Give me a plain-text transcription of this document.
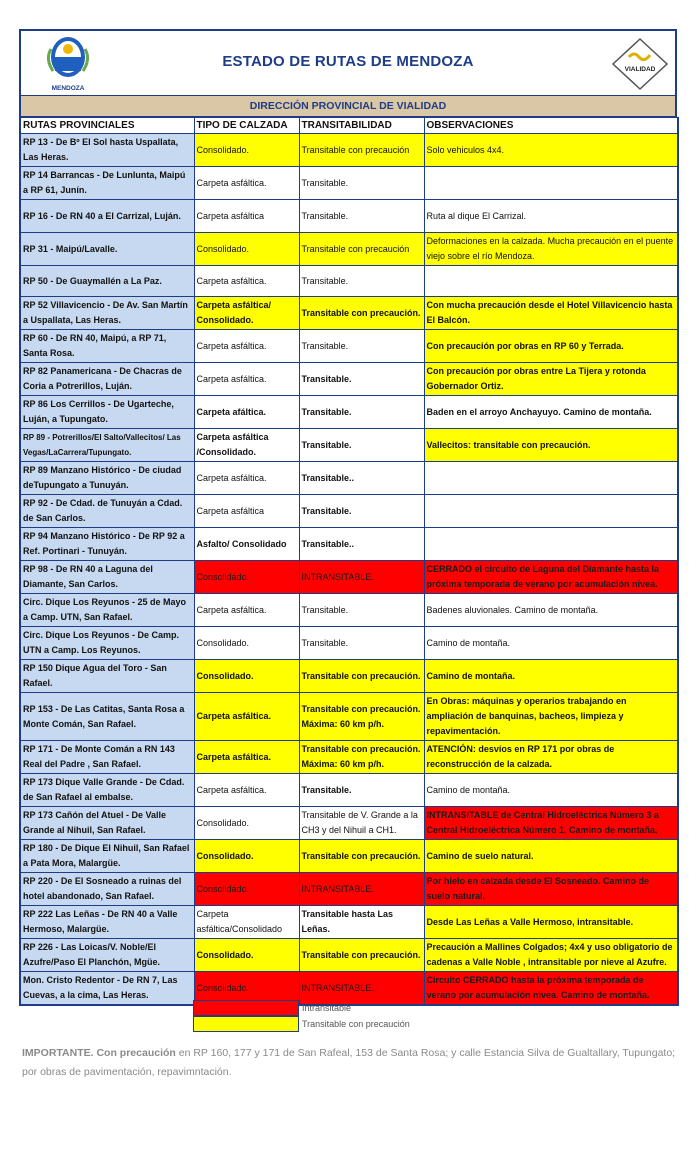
MENDOZA
ESTADO DE RUTAS DE MENDOZA	VIALIDAD
DIRECCIÓN PROVINCIAL DE VIALIDAD
RUTAS PROVINCIALES	TIPO DE CALZADA	TRANSITABILIDAD	OBSERVACIONES
RP 13 - De Bº El Sol hasta Uspallata, Las Heras.	Consolidado.	Transitable con precaución	Solo vehiculos 4x4.
RP 14 Barrancas - De Lunlunta, Maipú a RP 61, Junín.	Carpeta asfáltica.	Transitable.	
RP 16 - De RN 40 a El Carrizal, Luján.	Carpeta asfáltica	Transitable.	Ruta al dique El Carrizal.
RP 31 - Maipú/Lavalle.	Consolidado.	Transitable con precaución	Deformaciones en la calzada. Mucha precaución en el puente viejo sobre el río Mendoza.
RP 50 - De Guaymallén a La Paz.	Carpeta asfáltica.	Transitable.	
RP 52 Villavicencio - De Av. San Martín a Uspallata, Las Heras.	Carpeta asfáltica/ Consolidado.	Transitable con precaución.	Con mucha precaución desde el Hotel Villavicencio hasta El Balcón.
RP 60 - De RN 40, Maipú, a RP 71, Santa Rosa.	Carpeta asfáltica.	Transitable.	Con precaución por obras en RP 60 y Terrada.
RP 82 Panamericana - De Chacras de Coria a Potrerillos, Luján.	Carpeta asfáltica.	Transitable.	Con precaución por obras entre La Tijera y rotonda Gobernador Ortiz.
RP 86 Los Cerrillos - De Ugarteche, Luján, a Tupungato.	Carpeta afáltica.	Transitable.	Baden en el arroyo Anchayuyo. Camino de montaña.
RP 89 - Potrerillos/El Salto/Vallecitos/ Las Vegas/LaCarrera/Tupungato.	Carpeta asfáltica /Consolidado.	Transitable.	Vallecitos: transitable con precaución.
RP 89 Manzano Histórico - De ciudad deTupungato a Tunuyán.	Carpeta asfáltica.	Transitable..	
RP 92 - De Cdad. de Tunuyán a Cdad. de San Carlos.	Carpeta asfáltica	Transitable.	
RP 94 Manzano Histórico - De RP 92 a Ref. Portinari - Tunuyán.	Asfalto/ Consolidado	Transitable..	
RP 98 - De RN 40 a Laguna del Diamante, San Carlos.	Consolidado.	INTRANSITABLE.	CERRADO el circuito de Laguna del Diamante hasta la próxima temporada de verano por acumulación nivea.
Circ. Dique Los Reyunos - 25 de Mayo a Camp. UTN, San Rafael.	Carpeta asfáltica.	Transitable.	Badenes aluvionales. Camino de montaña.
Circ. Dique Los Reyunos - De Camp. UTN a Camp. Los Reyunos.	Consolidado.	Transitable.	Camino de montaña.
RP 150 Dique Agua del Toro - San Rafael.	Consolidado.	Transitable con precaución.	Camino de montaña.
RP 153 - De Las Catitas, Santa Rosa a Monte Comán, San Rafael.	Carpeta asfáltica.	Transitable con precaución. Máxima: 60 km p/h.	En Obras: máquinas y operarios trabajando en ampliación de banquinas, bacheos, limpieza y repavimentación.
RP 171 - De Monte Comán a RN 143 Real del Padre , San Rafael.	Carpeta asfáltica.	Transitable con precaución. Máxima: 60 km p/h.	ATENCIÓN: desvíos en RP 171 por obras de reconstrucción de la calzada.
RP 173 Dique Valle Grande - De Cdad. de San Rafael al embalse.	Carpeta asfáltica.	Transitable.	Camino de montaña.
RP 173 Cañón del Atuel - De Valle Grande al Nihuil, San Rafael.	Consolidado.	Transitable de V. Grande a la CH3 y del Nihuil a CH1.	INTRANSITABLE de Central Hidroeléctrica Número 3 a Central Hidroeléctrica Número 1. Camino de montaña.
RP 180 - De Dique El Nihuil, San Rafael a Pata Mora, Malargüe.	Consolidado.	Transitable con precaución.	Camino de suelo natural.
RP 220 - De El Sosneado a ruinas del hotel abandonado, San Rafael.	Consolidado.	INTRANSITABLE.	Por hielo en calzada desde El Sosneado. Camino de suelo natural.
RP 222 Las Leñas - De RN 40 a Valle Hermoso, Malargüe.	Carpeta asfáltica/Consolidado	Transitable hasta Las Leñas.	Desde Las Leñas a Valle Hermoso, intransitable.
RP 226 - Las Loicas/V. Noble/El Azufre/Paso El Planchón, Mgüe.	Consolidado.	Transitable con precaución.	Precaución a Mallines Colgados; 4x4 y uso obligatorio de cadenas a Valle Noble , intransitable por nieve al Azufre.
Mon. Cristo Redentor - De RN 7, Las Cuevas, a la cima, Las Heras.	Consolidado.	INTRANSITABLE.	Circuito CERRADO hasta la próxima temporada de verano por acumulación nivea. Camino de montaña.
Intransitable
Transitable con precaución
IMPORTANTE. Con precaución en RP 160, 177 y 171 de San Rafeal, 153 de Santa Rosa; y calle Estancia Silva de Gualtallary, Tupungato; por obras de pavimentación, repavimntación.
